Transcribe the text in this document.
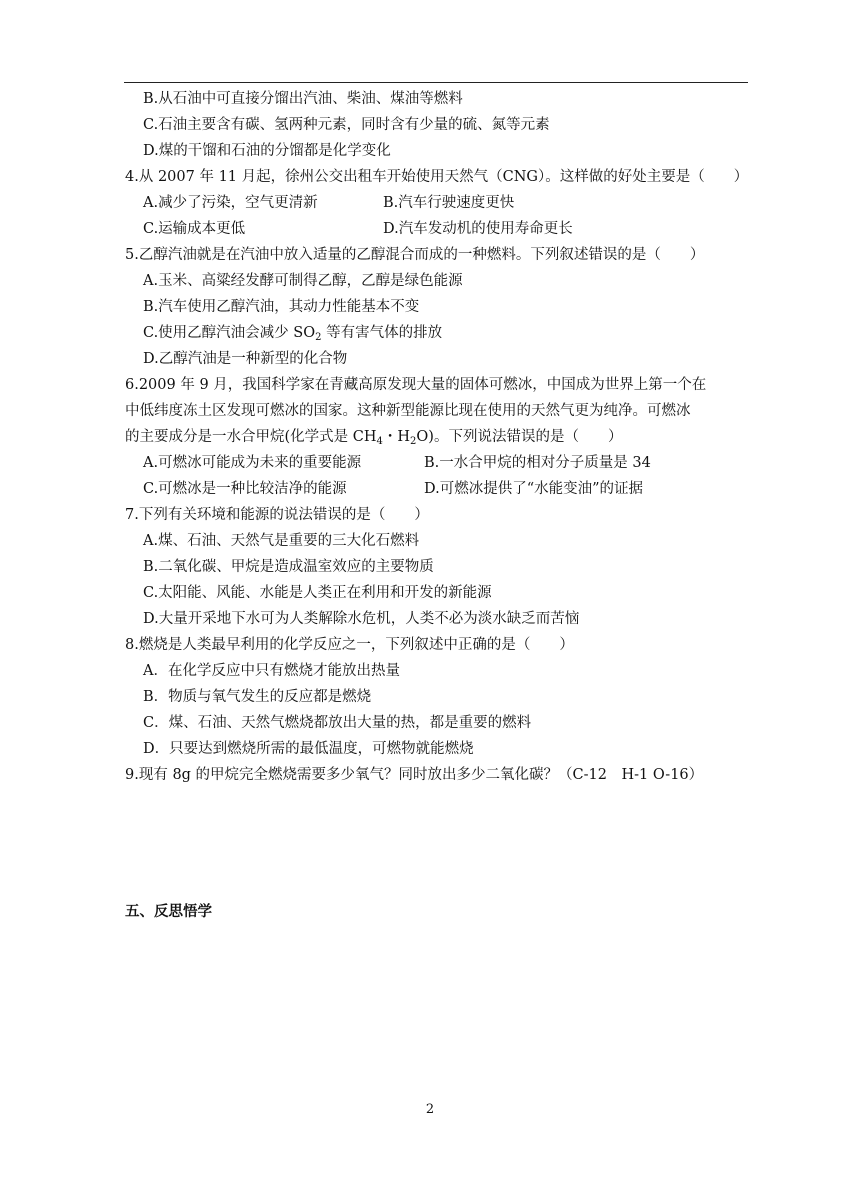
B.从石油中可直接分馏出汽油、柴油、煤油等燃料
C.石油主要含有碳、氢两种元素，同时含有少量的硫、氮等元素
D.煤的干馏和石油的分馏都是化学变化
4.从 2007 年 11 月起，徐州公交出租车开始使用天然气（CNG）。这样做的好处主要是（　　）
A.减少了污染，空气更清新	B.汽车行驶速度更快
C.运输成本更低	D.汽车发动机的使用寿命更长
5.乙醇汽油就是在汽油中放入适量的乙醇混合而成的一种燃料。下列叙述错误的是（　　）
A.玉米、高粱经发酵可制得乙醇，乙醇是绿色能源
B.汽车使用乙醇汽油，其动力性能基本不变
C.使用乙醇汽油会减少 $SO_2$ 等有害气体的排放
D.乙醇汽油是一种新型的化合物
6.2009 年 9 月，我国科学家在青藏高原发现大量的固体可燃冰，中国成为世界上第一个在
中低纬度冻土区发现可燃冰的国家。这种新型能源比现在使用的天然气更为纯净。可燃冰
的主要成分是一水合甲烷(化学式是 $CH_4$・$H_2O$)。下列说法错误的是（　　）
A.可燃冰可能成为未来的重要能源	B.一水合甲烷的相对分子质量是 34
C.可燃冰是一种比较洁净的能源	D.可燃冰提供了“水能变油”的证据
7.下列有关环境和能源的说法错误的是（　　）
A.煤、石油、天然气是重要的三大化石燃料
B.二氧化碳、甲烷是造成温室效应的主要物质
C.太阳能、风能、水能是人类正在利用和开发的新能源
D.大量开采地下水可为人类解除水危机，人类不必为淡水缺乏而苦恼
8.燃烧是人类最早利用的化学反应之一，下列叙述中正确的是（　　）
A．在化学反应中只有燃烧才能放出热量
B．物质与氧气发生的反应都是燃烧
C．煤、石油、天然气燃烧都放出大量的热，都是重要的燃料
D．只要达到燃烧所需的最低温度，可燃物就能燃烧
9.现有 8g 的甲烷完全燃烧需要多少氧气？同时放出多少二氧化碳？（C-12　H-1 O-16）
五、反思悟学
2
